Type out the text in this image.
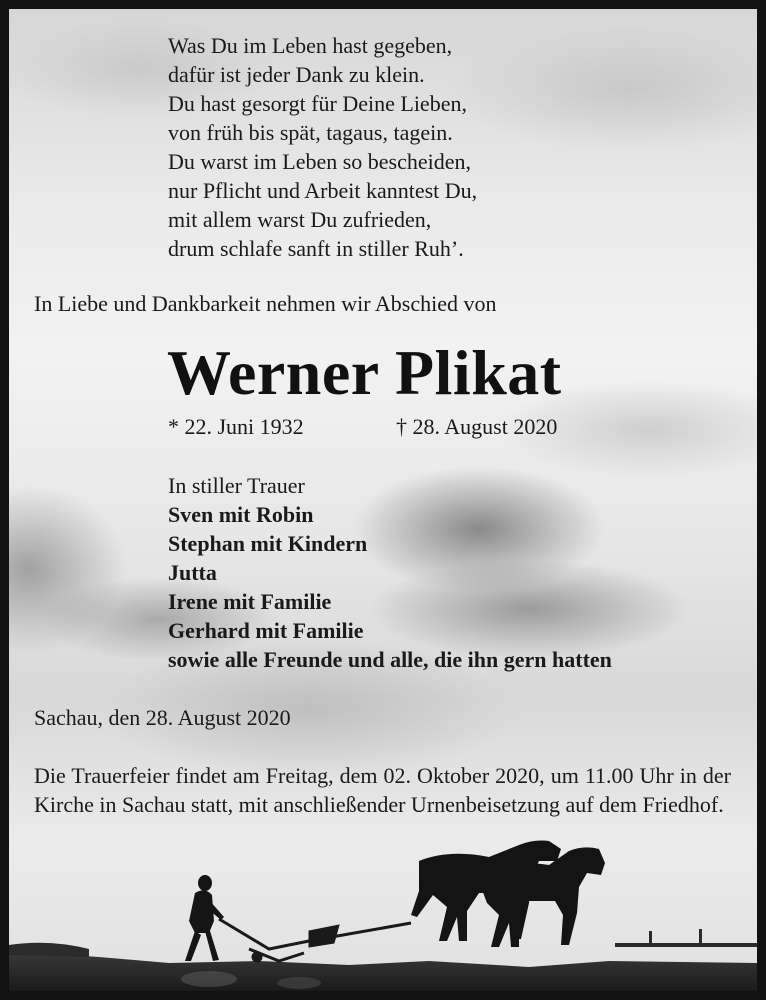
Was Du im Leben hast gegeben,
dafür ist jeder Dank zu klein.
Du hast gesorgt für Deine Lieben,
von früh bis spät, tagaus, tagein.
Du warst im Leben so bescheiden,
nur Pflicht und Arbeit kanntest Du,
mit allem warst Du zufrieden,
drum schlafe sanft in stiller Ruh’.
In Liebe und Dankbarkeit nehmen wir Abschied von
Werner Plikat
* 22. Juni 1932	† 28. August 2020
In stiller Trauer
Sven mit Robin
Stephan mit Kindern
Jutta
Irene mit Familie
Gerhard mit Familie
sowie alle Freunde und alle, die ihn gern hatten
Sachau, den 28. August 2020

Die Trauerfeier findet am Freitag, dem 02. Oktober 2020, um 11.00 Uhr in der Kirche in Sachau statt, mit anschließender Urnenbeisetzung auf dem Friedhof.
